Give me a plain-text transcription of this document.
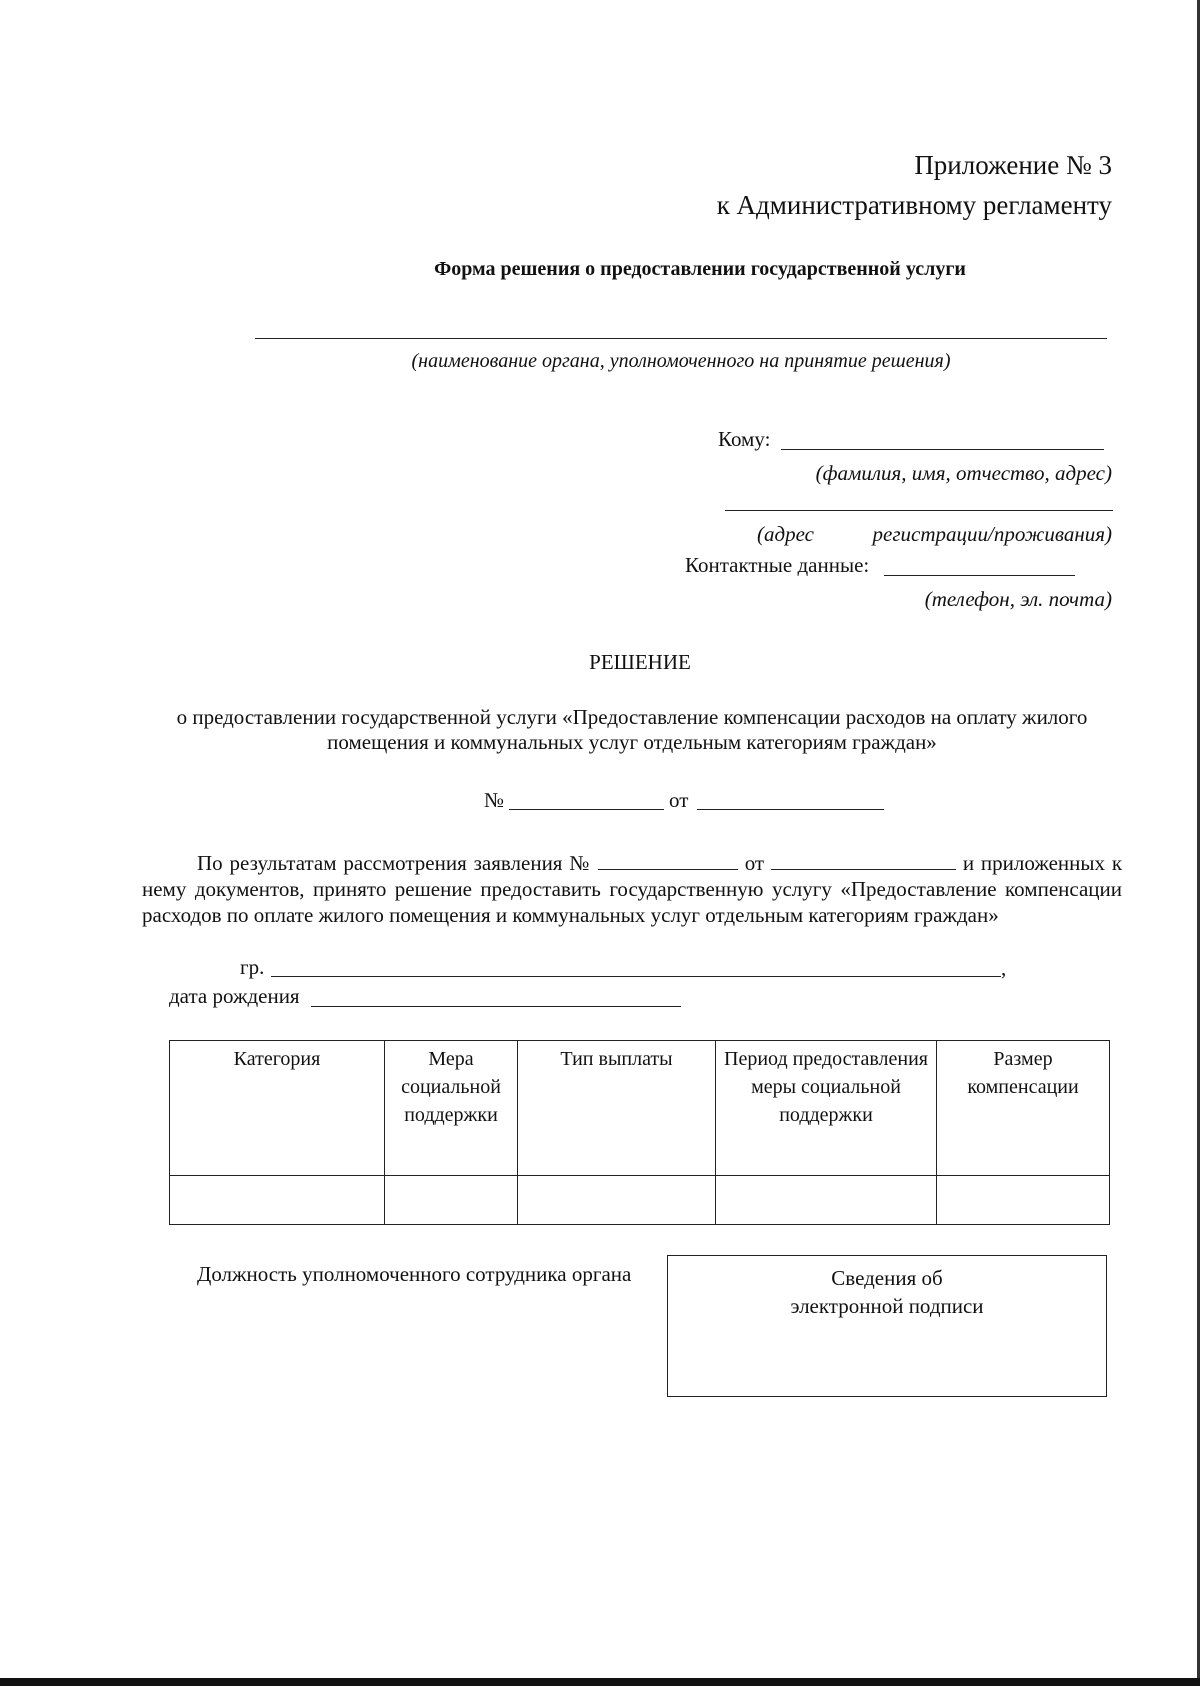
Приложение № 3
к Административному регламенту
Форма решения о предоставлении государственной услуги
(наименование органа, уполномоченного на принятие решения)
Кому:
(фамилия, имя, отчество, адрес)
(адрес	регистрации/проживания)
Контактные данные:
(телефон, эл. почта)
РЕШЕНИЕ
о предоставлении государственной услуги «Предоставление компенсации расходов на оплату жилого
помещения и коммунальных услуг отдельным категориям граждан»
№	от
По результатам рассмотрения заявления №	от	и приложенных к нему документов, принято решение предоставить государственную услугу «Предоставление компенсации расходов по оплате жилого помещения и коммунальных услуг отдельным категориям граждан»
гр.	,
дата рождения
Категория	Мера социальной поддержки	Тип выплаты	Период предоставления меры социальной поддержки	Размер компенсации

Должность уполномоченного сотрудника органа	Сведения об
электронной подписи
